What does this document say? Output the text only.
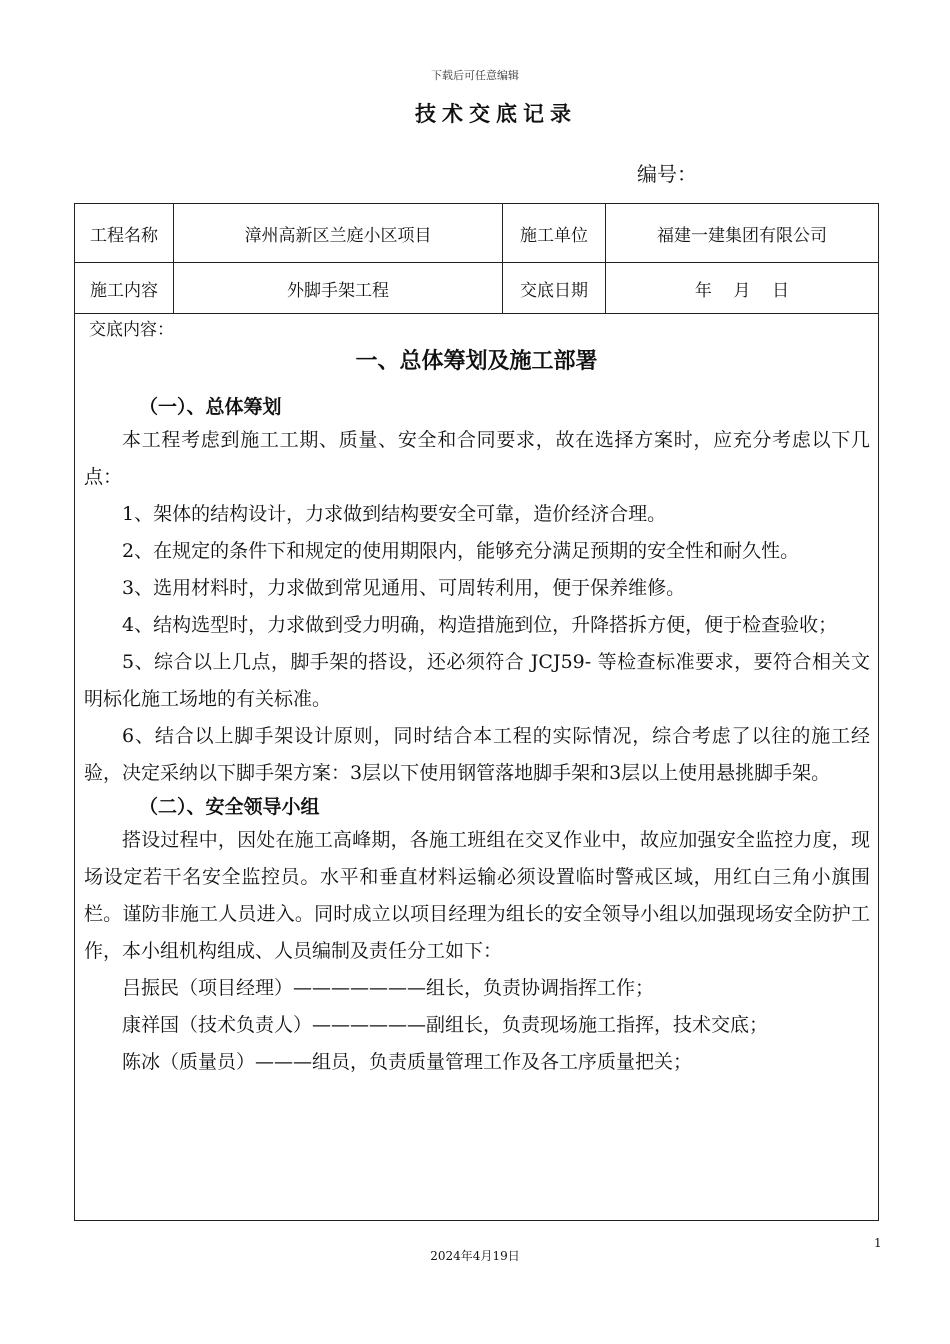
下载后可任意编辑
技术交底记录
编号：
工程名称	漳州高新区兰庭小区项目	施工单位	福建一建集团有限公司
施工内容	外脚手架工程	交底日期	年    月    日
交底内容：
一、总体筹划及施工部署

（一）、总体筹划

本工程考虑到施工工期、质量、安全和合同要求，故在选择方案时，应充分考虑以下几点：

1、架体的结构设计，力求做到结构要安全可靠，造价经济合理。

2、在规定的条件下和规定的使用期限内，能够充分满足预期的安全性和耐久性。

3、选用材料时，力求做到常见通用、可周转利用，便于保养维修。

4、结构选型时，力求做到受力明确，构造措施到位，升降搭拆方便，便于检查验收；

5、综合以上几点，脚手架的搭设，还必须符合 JCJ59- 等检查标准要求，要符合相关文明标化施工场地的有关标准。

6、结合以上脚手架设计原则，同时结合本工程的实际情况，综合考虑了以往的施工经验，决定采纳以下脚手架方案：3层以下使用钢管落地脚手架和3层以上使用悬挑脚手架。

（二）、安全领导小组

搭设过程中，因处在施工高峰期，各施工班组在交叉作业中，故应加强安全监控力度，现场设定若干名安全监控员。水平和垂直材料运输必须设置临时警戒区域，用红白三角小旗围栏。谨防非施工人员进入。同时成立以项目经理为组长的安全领导小组以加强现场安全防护工作，本小组机构组成、人员编制及责任分工如下：

吕振民（项目经理）———————组长，负责协调指挥工作；

康祥国（技术负责人）——————副组长，负责现场施工指挥，技术交底；

陈冰（质量员）———组员，负责质量管理工作及各工序质量把关；

1
2024年4月19日
